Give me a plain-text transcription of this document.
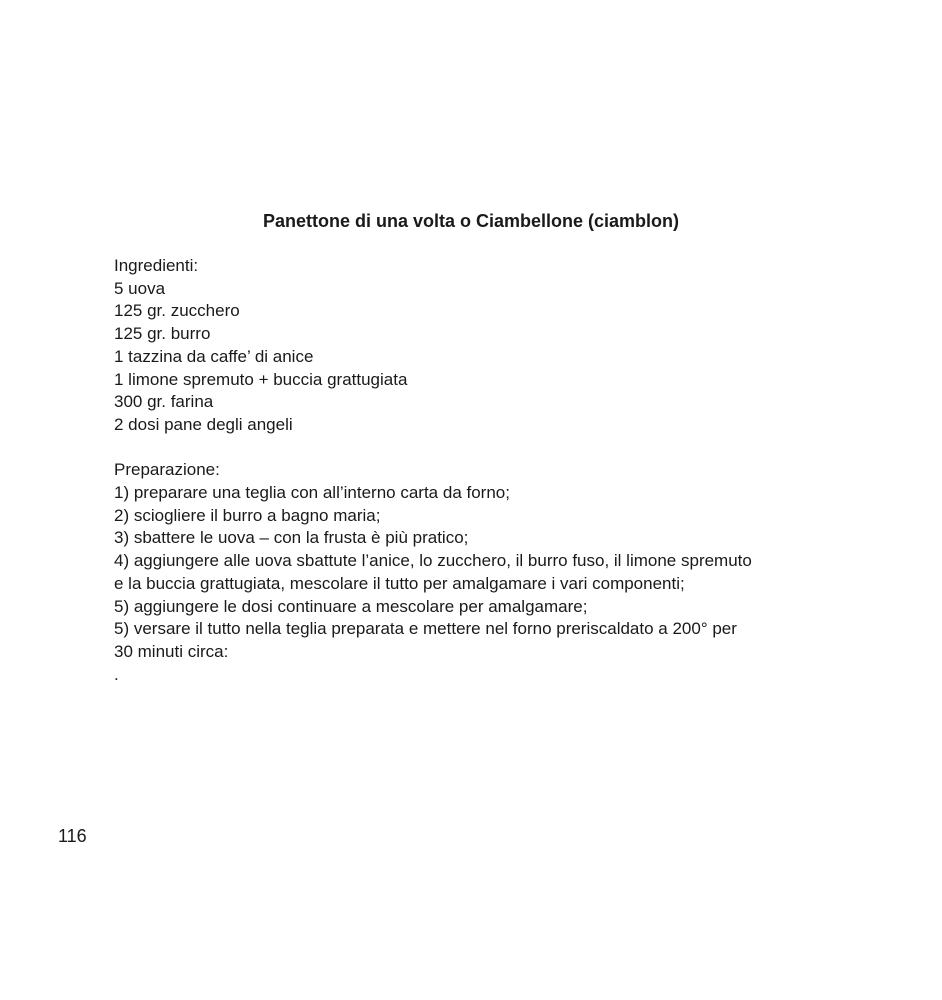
Panettone di una volta o Ciambellone (ciamblon)
Ingredienti:
5 uova
125 gr. zucchero
125 gr. burro
1 tazzina da caffe’ di anice
1 limone spremuto + buccia grattugiata
300 gr. farina
2 dosi pane degli angeli
Preparazione:
1) preparare una teglia con all’interno carta da forno;
2) sciogliere il burro a bagno maria;
3) sbattere le uova – con la frusta è più pratico;
4) aggiungere alle uova sbattute l’anice, lo zucchero, il burro fuso, il limone spremuto
e la buccia grattugiata, mescolare il tutto per amalgamare i vari componenti;
5) aggiungere le dosi continuare a mescolare per amalgamare;
5) versare il tutto nella teglia preparata e mettere nel forno preriscaldato a 200° per
30 minuti circa:
.
116
